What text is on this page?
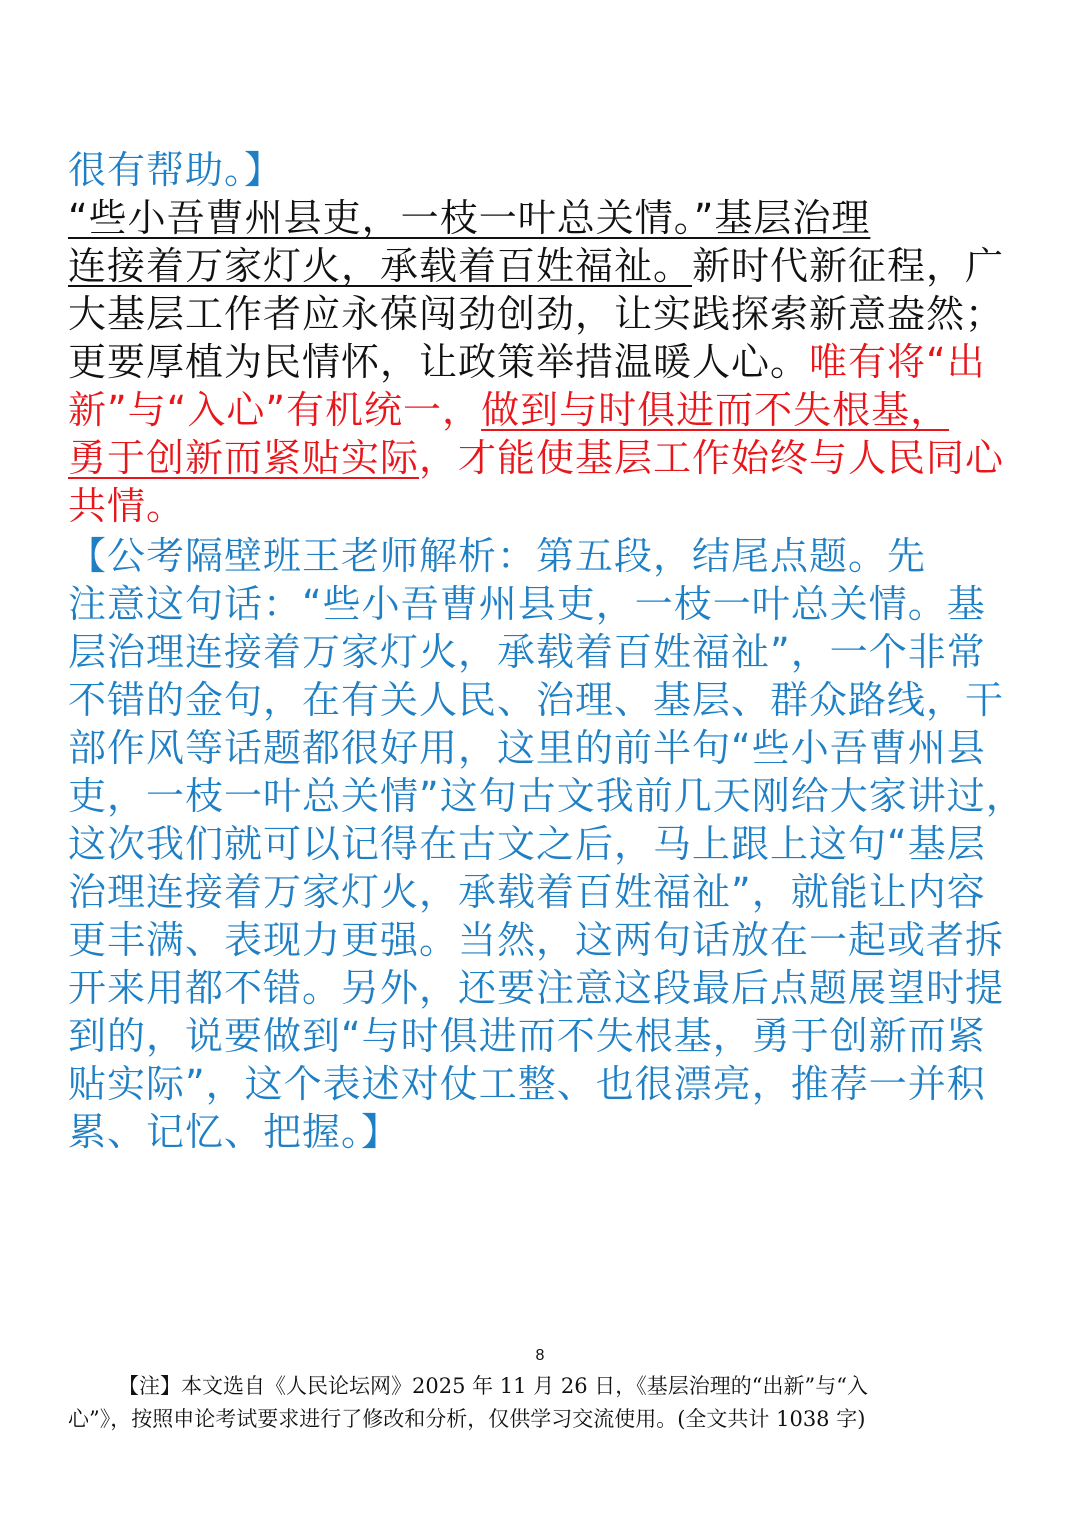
很有帮助。】
“些小吾曹州县吏，一枝一叶总关情。”基层治理
连接着万家灯火，承载着百姓福祉。新时代新征程，广
大基层工作者应永葆闯劲创劲，让实践探索新意盎然；
更要厚植为民情怀，让政策举措温暖人心。唯有将“出
新”与“入心”有机统一，做到与时俱进而不失根基，
勇于创新而紧贴实际，才能使基层工作始终与人民同心
共情。
【公考隔壁班王老师解析：第五段，结尾点题。先
注意这句话：“些小吾曹州县吏，一枝一叶总关情。基
层治理连接着万家灯火，承载着百姓福祉”，一个非常
不错的金句，在有关人民、治理、基层、群众路线，干
部作风等话题都很好用，这里的前半句“些小吾曹州县
吏，一枝一叶总关情”这句古文我前几天刚给大家讲过，
这次我们就可以记得在古文之后，马上跟上这句“基层
治理连接着万家灯火，承载着百姓福祉”，就能让内容
更丰满、表现力更强。当然，这两句话放在一起或者拆
开来用都不错。另外，还要注意这段最后点题展望时提
到的，说要做到“与时俱进而不失根基，勇于创新而紧
贴实际”，这个表述对仗工整、也很漂亮，推荐一并积
累、记忆、把握。】
8
【注】本文选自《人民论坛网》2025 年 11 月 26 日，《基层治理的“出新”与“入
心”》，按照申论考试要求进行了修改和分析，仅供学习交流使用。(全文共计 1038 字)
